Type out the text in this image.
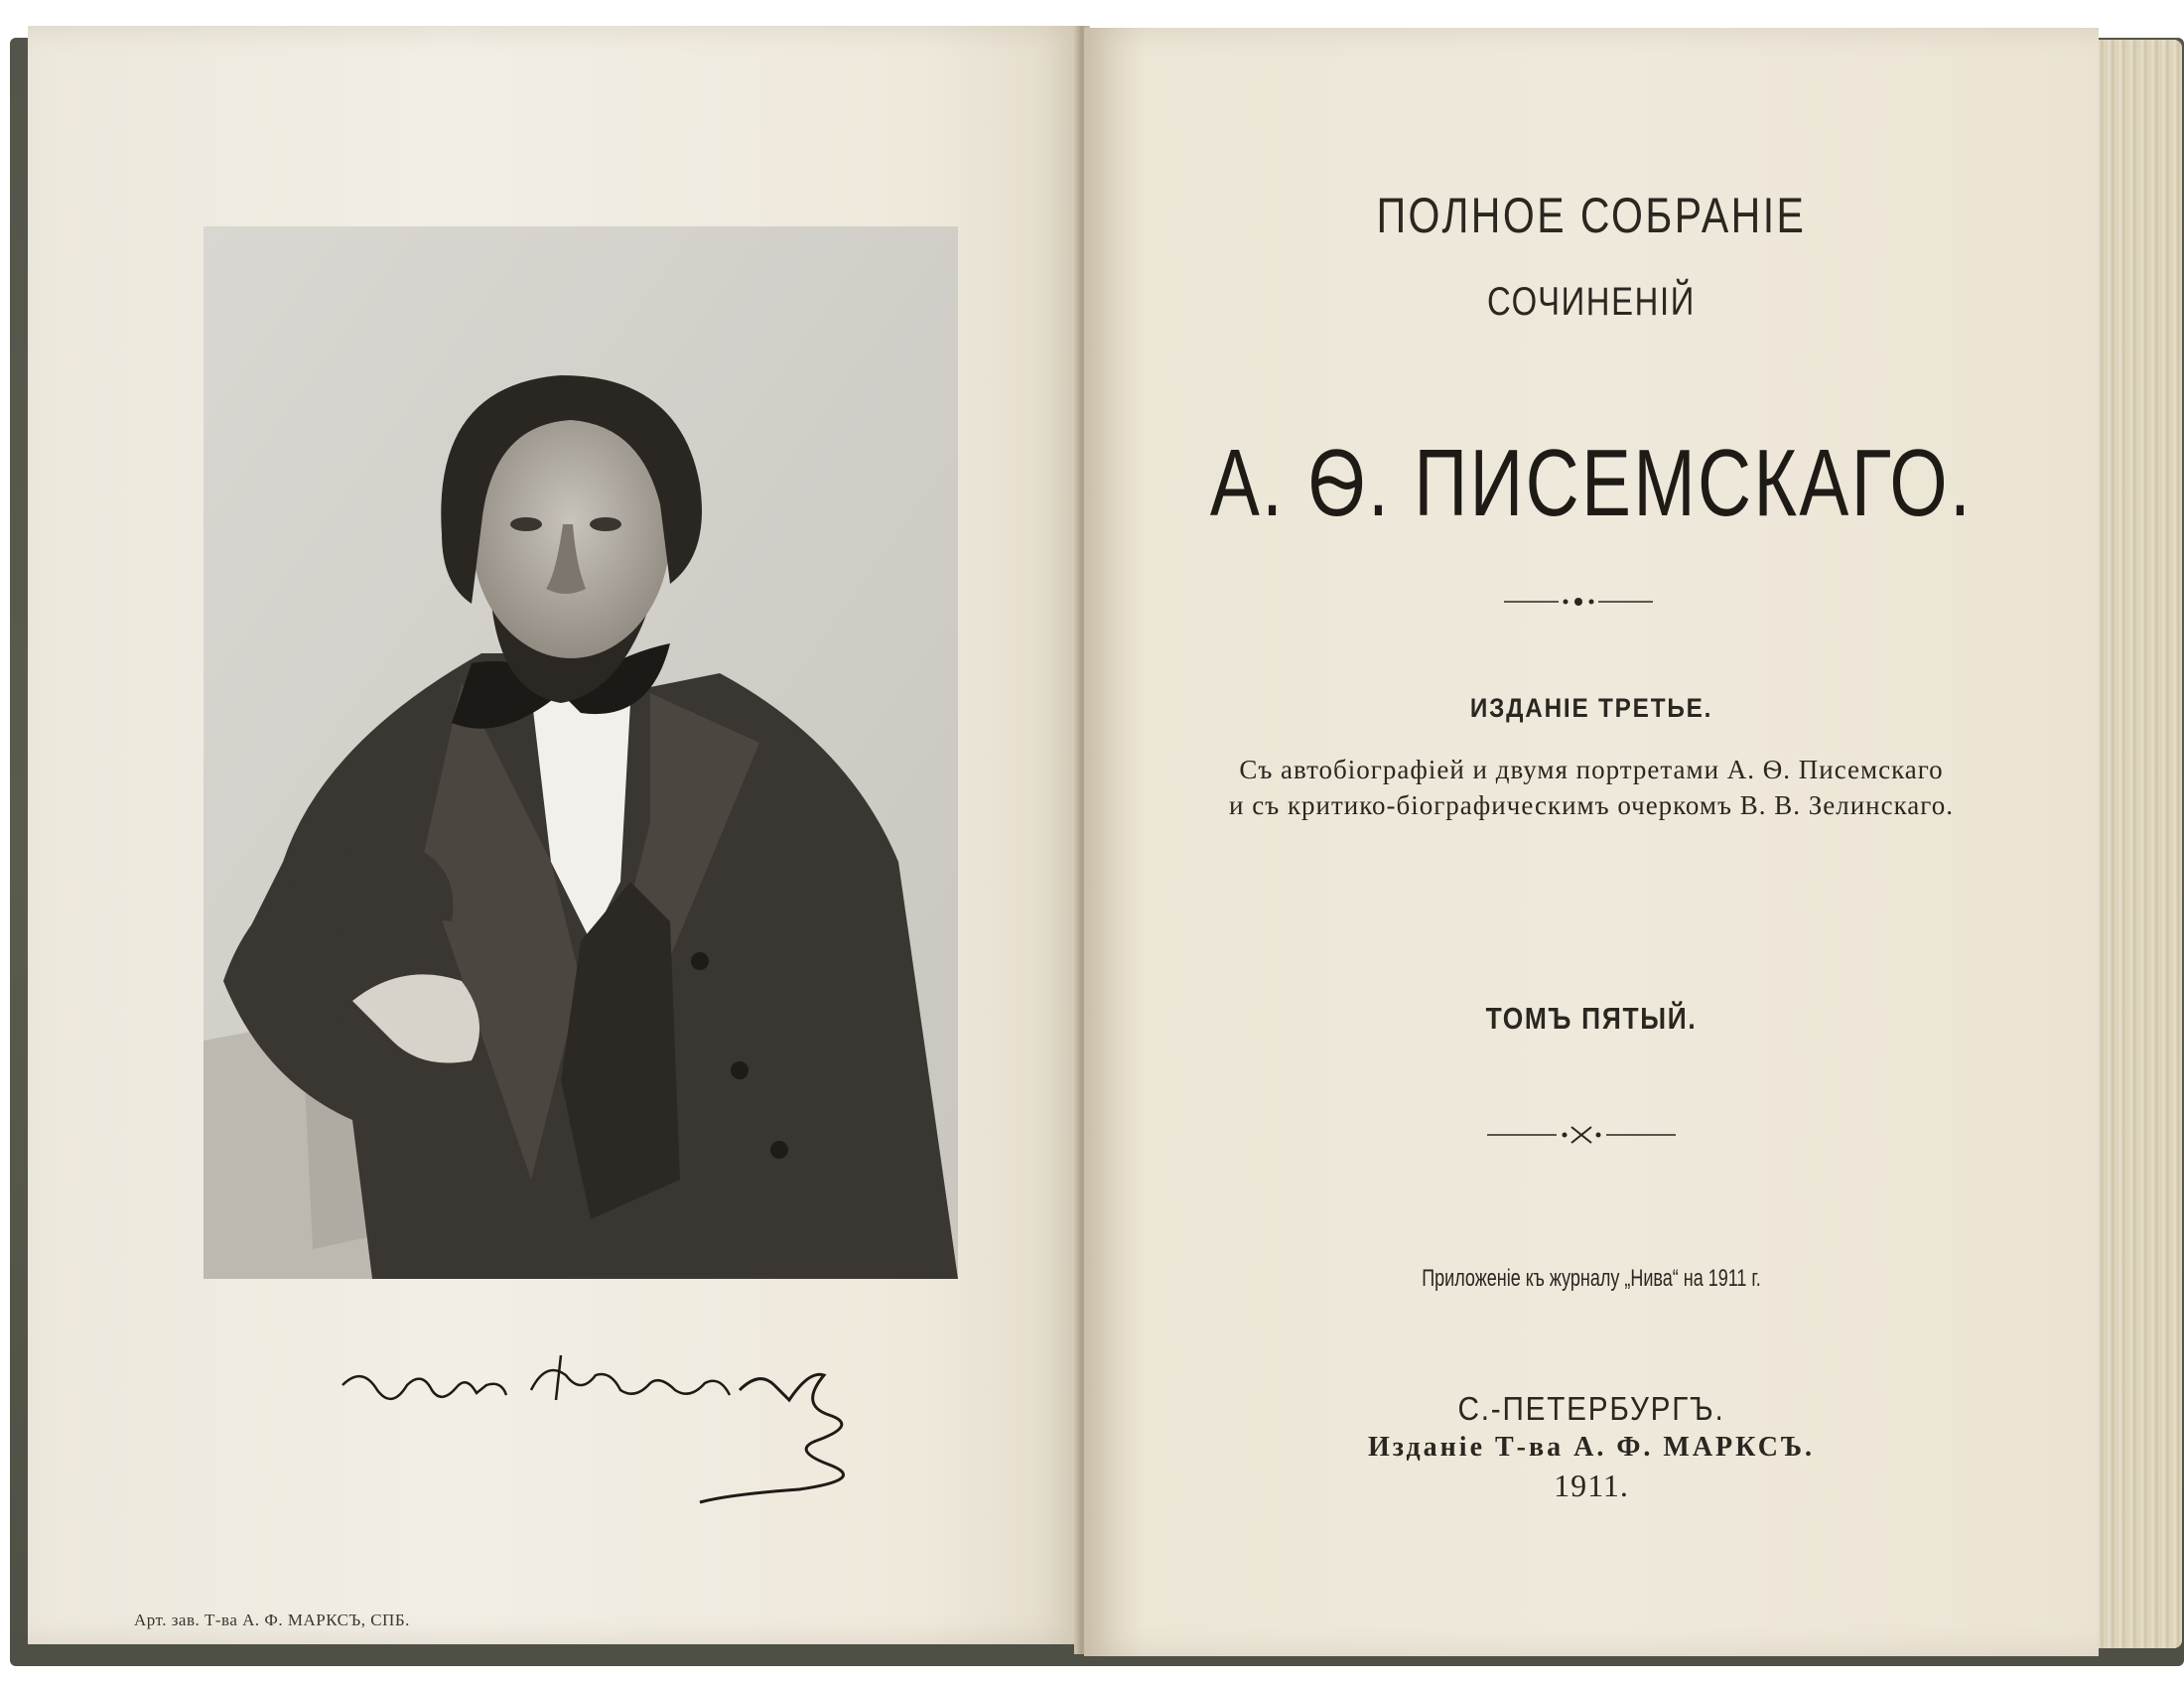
Арт. зав. Т-ва А. Ф. МАРКСЪ, СПБ.
ПОЛНОЕ СОБРАНІЕ
СОЧИНЕНІЙ
А. Ѳ. ПИСЕМСКАГО.
ИЗДАНІЕ ТРЕТЬЕ.
Съ автобіографіей и двумя портретами А. Ѳ. Писемскаго
и съ критико-біографическимъ очеркомъ В. В. Зелинскаго.
ТОМЪ ПЯТЫЙ.
Приложеніе къ журналу „Нива“ на 1911 г.
С.-ПЕТЕРБУРГЪ.
Изданіе Т-ва А. Ф. МАРКСЪ.
1911.
